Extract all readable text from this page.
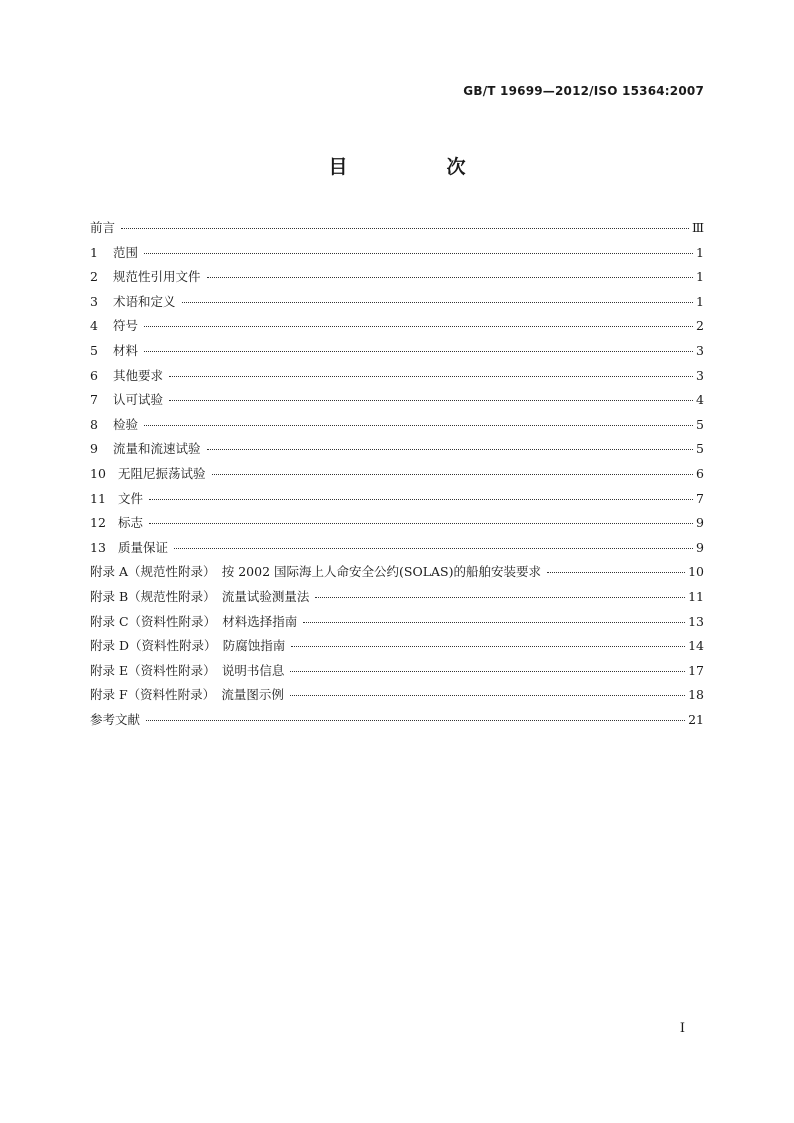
GB/T 19699—2012/ISO 15364:2007
目　次
前言	Ⅲ
1	范围	1
2	规范性引用文件	1
3	术语和定义	1
4	符号	2
5	材料	3
6	其他要求	3
7	认可试验	4
8	检验	5
9	流量和流速试验	5
10 无阻尼振荡试验	6
11 文件	7
12 标志	9
13 质量保证	9
附录 A（规范性附录）　按 2002 国际海上人命安全公约(SOLAS)的船舶安装要求	10
附录 B（规范性附录）　流量试验测量法	11
附录 C（资料性附录）　材料选择指南	13
附录 D（资料性附录）　防腐蚀指南	14
附录 E（资料性附录）　说明书信息	17
附录 F（资料性附录）　流量图示例	18
参考文献	21
I
